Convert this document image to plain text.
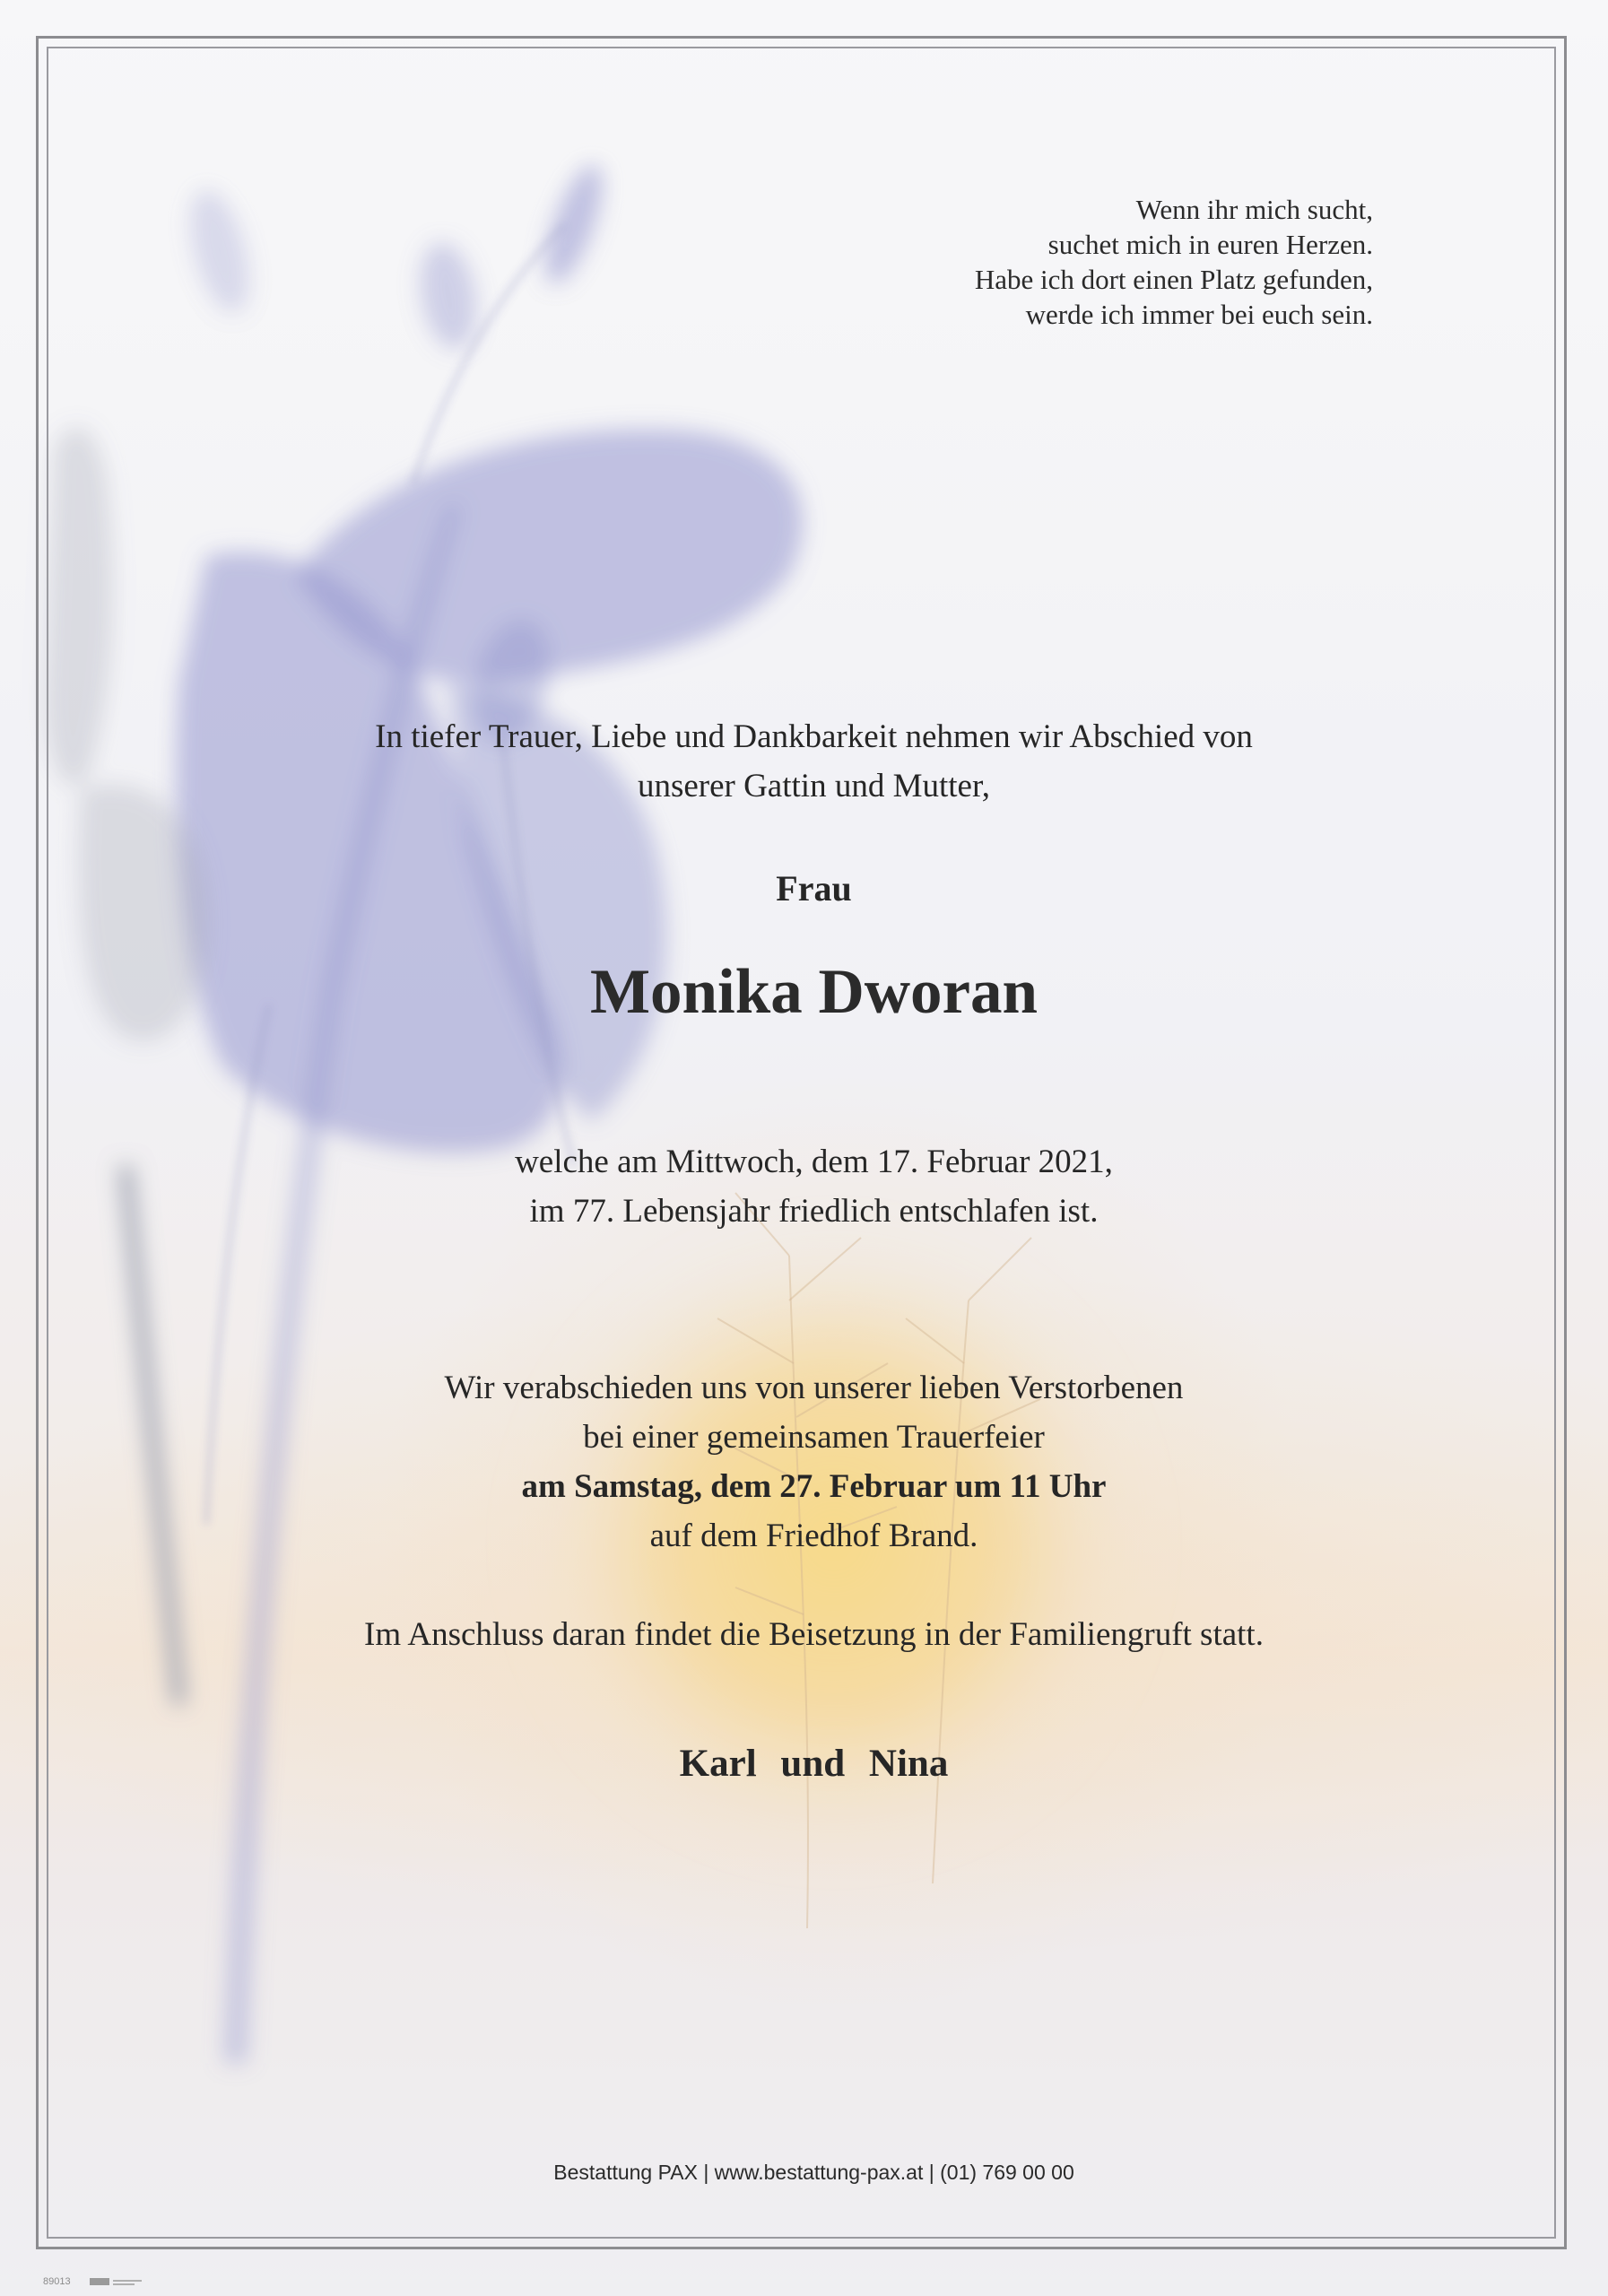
Wenn ihr mich sucht,
suchet mich in euren Herzen.
Habe ich dort einen Platz gefunden,
werde ich immer bei euch sein.
In tiefer Trauer, Liebe und Dankbarkeit nehmen wir Abschied von
unserer Gattin und Mutter,
Frau
Monika Dworan
welche am Mittwoch, dem 17. Februar 2021,
im 77. Lebensjahr friedlich entschlafen ist.
Wir verabschieden uns von unserer lieben Verstorbenen
bei einer gemeinsamen Trauerfeier
am Samstag, dem 27. Februar um 11 Uhr
auf dem Friedhof Brand.
Im Anschluss daran findet die Beisetzung in der Familiengruft statt.
Karl und Nina
Bestattung PAX | www.bestattung-pax.at | (01) 769 00 00
89013
